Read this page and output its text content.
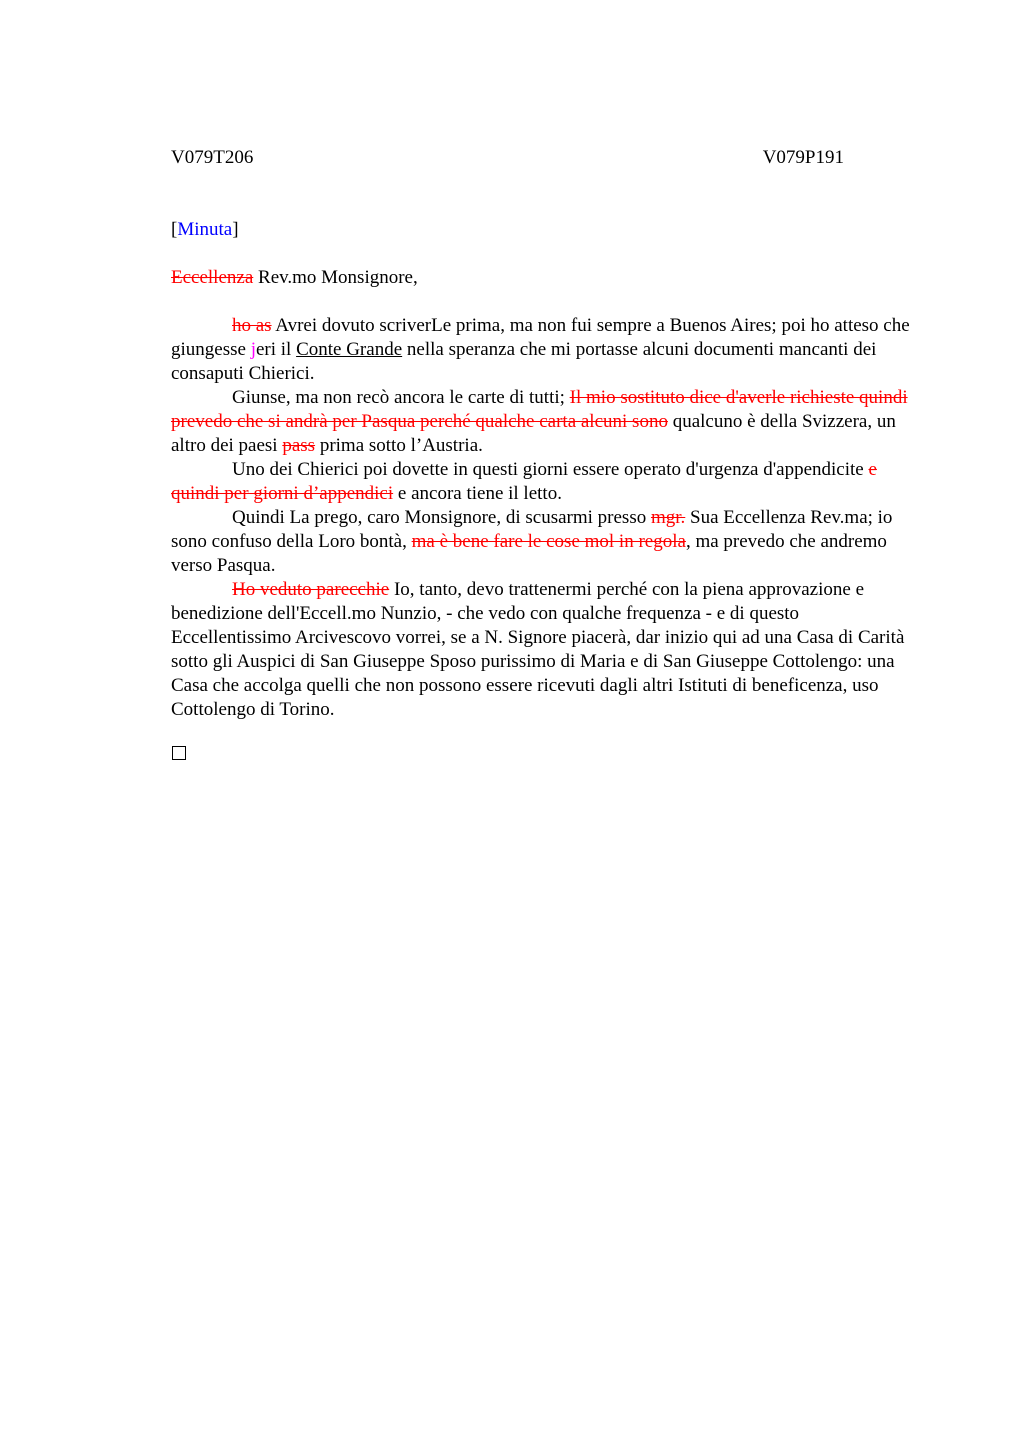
V079T206	V079P191
[Minuta]
Eccellenza Rev.mo Monsignore,

ho as Avrei dovuto scriverLe prima, ma non fui sempre a Buenos Aires; poi ho atteso che giungesse jeri il Conte Grande nella speranza che mi portasse alcuni documenti mancanti dei consaputi Chierici.

Giunse, ma non recò ancora le carte di tutti; Il mio sostituto dice d'averle richieste quindi prevedo che si andrà per Pasqua perché qualche carta alcuni sono qualcuno è della Svizzera, un altro dei paesi pass prima sotto l’Austria.

Uno dei Chierici poi dovette in questi giorni essere operato d'urgenza d'appendicite e quindi per giorni d’appendici e ancora tiene il letto.

Quindi La prego, caro Monsignore, di scusarmi presso mgr. Sua Eccellenza Rev.ma; io sono confuso della Loro bontà, ma è bene fare le cose mol in regola, ma prevedo che andremo verso Pasqua.

Ho veduto parecchie Io, tanto, devo trattenermi perché con la piena approvazione e benedizione dell'Eccell.mo Nunzio, - che vedo con qualche frequenza - e di questo Eccellentissimo Arcivescovo vorrei, se a N. Signore piacerà, dar inizio qui ad una Casa di Carità sotto gli Auspici di San Giuseppe Sposo purissimo di Maria e di San Giuseppe Cottolengo: una Casa che accolga quelli che non possono essere ricevuti dagli altri Istituti di beneficenza, uso Cottolengo di Torino.
